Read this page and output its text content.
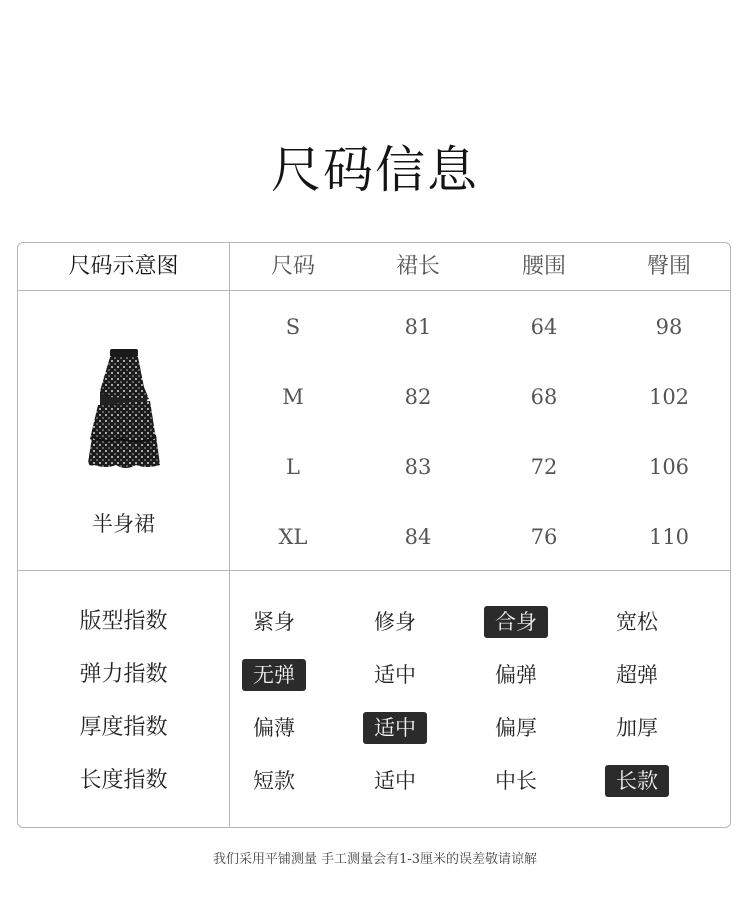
尺码信息
尺码示意图	尺码	裙长	腰围	臀围
S	81	64	98
M	82	68	102
L	83	72	106
XL	84	76	110
半身裙
版型指数	紧身	修身	合身	宽松
弹力指数	无弹	适中	偏弹	超弹
厚度指数	偏薄	适中	偏厚	加厚
长度指数	短款	适中	中长	长款
我们采用平铺测量 手工测量会有1-3厘米的误差敬请谅解
